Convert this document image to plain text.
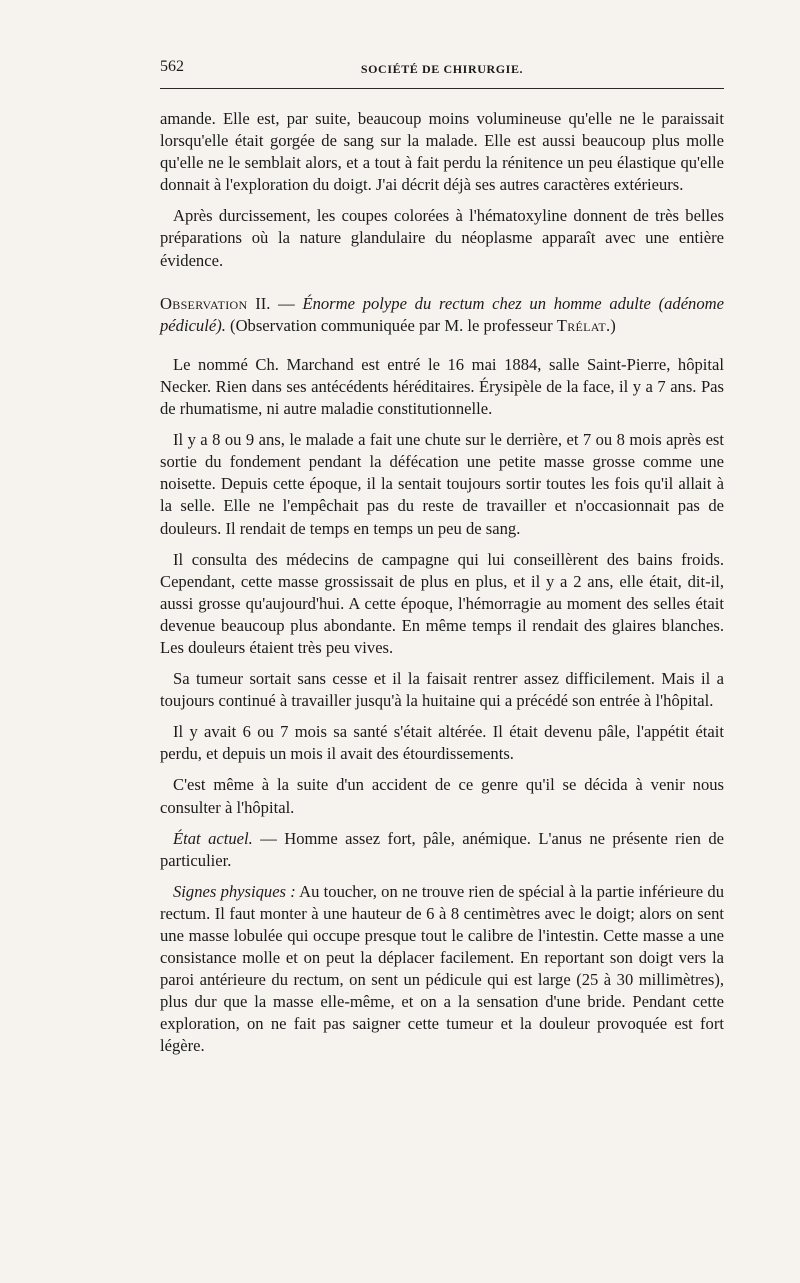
562	SOCIÉTÉ DE CHIRURGIE.

amande. Elle est, par suite, beaucoup moins volumineuse qu'elle ne le paraissait lorsqu'elle était gorgée de sang sur la malade. Elle est aussi beaucoup plus molle qu'elle ne le semblait alors, et a tout à fait perdu la rénitence un peu élastique qu'elle donnait à l'exploration du doigt. J'ai décrit déjà ses autres caractères extérieurs.

Après durcissement, les coupes colorées à l'hématoxyline donnent de très belles préparations où la nature glandulaire du néoplasme apparaît avec une entière évidence.

Observation II. — Énorme polype du rectum chez un homme adulte (adénome pédiculé). (Observation communiquée par M. le professeur Trélat.)

Le nommé Ch. Marchand est entré le 16 mai 1884, salle Saint-Pierre, hôpital Necker. Rien dans ses antécédents héréditaires. Érysipèle de la face, il y a 7 ans. Pas de rhumatisme, ni autre maladie constitutionnelle.

Il y a 8 ou 9 ans, le malade a fait une chute sur le derrière, et 7 ou 8 mois après est sortie du fondement pendant la défécation une petite masse grosse comme une noisette. Depuis cette époque, il la sentait toujours sortir toutes les fois qu'il allait à la selle. Elle ne l'empêchait pas du reste de travailler et n'occasionnait pas de douleurs. Il rendait de temps en temps un peu de sang.

Il consulta des médecins de campagne qui lui conseillèrent des bains froids. Cependant, cette masse grossissait de plus en plus, et il y a 2 ans, elle était, dit-il, aussi grosse qu'aujourd'hui. A cette époque, l'hémorragie au moment des selles était devenue beaucoup plus abondante. En même temps il rendait des glaires blanches. Les douleurs étaient très peu vives.

Sa tumeur sortait sans cesse et il la faisait rentrer assez difficilement. Mais il a toujours continué à travailler jusqu'à la huitaine qui a précédé son entrée à l'hôpital.

Il y avait 6 ou 7 mois sa santé s'était altérée. Il était devenu pâle, l'appétit était perdu, et depuis un mois il avait des étourdissements.

C'est même à la suite d'un accident de ce genre qu'il se décida à venir nous consulter à l'hôpital.

État actuel. — Homme assez fort, pâle, anémique. L'anus ne présente rien de particulier.

Signes physiques : Au toucher, on ne trouve rien de spécial à la partie inférieure du rectum. Il faut monter à une hauteur de 6 à 8 centimètres avec le doigt; alors on sent une masse lobulée qui occupe presque tout le calibre de l'intestin. Cette masse a une consistance molle et on peut la déplacer facilement. En reportant son doigt vers la paroi antérieure du rectum, on sent un pédicule qui est large (25 à 30 millimètres), plus dur que la masse elle-même, et on a la sensation d'une bride. Pendant cette exploration, on ne fait pas saigner cette tumeur et la douleur provoquée est fort légère.
